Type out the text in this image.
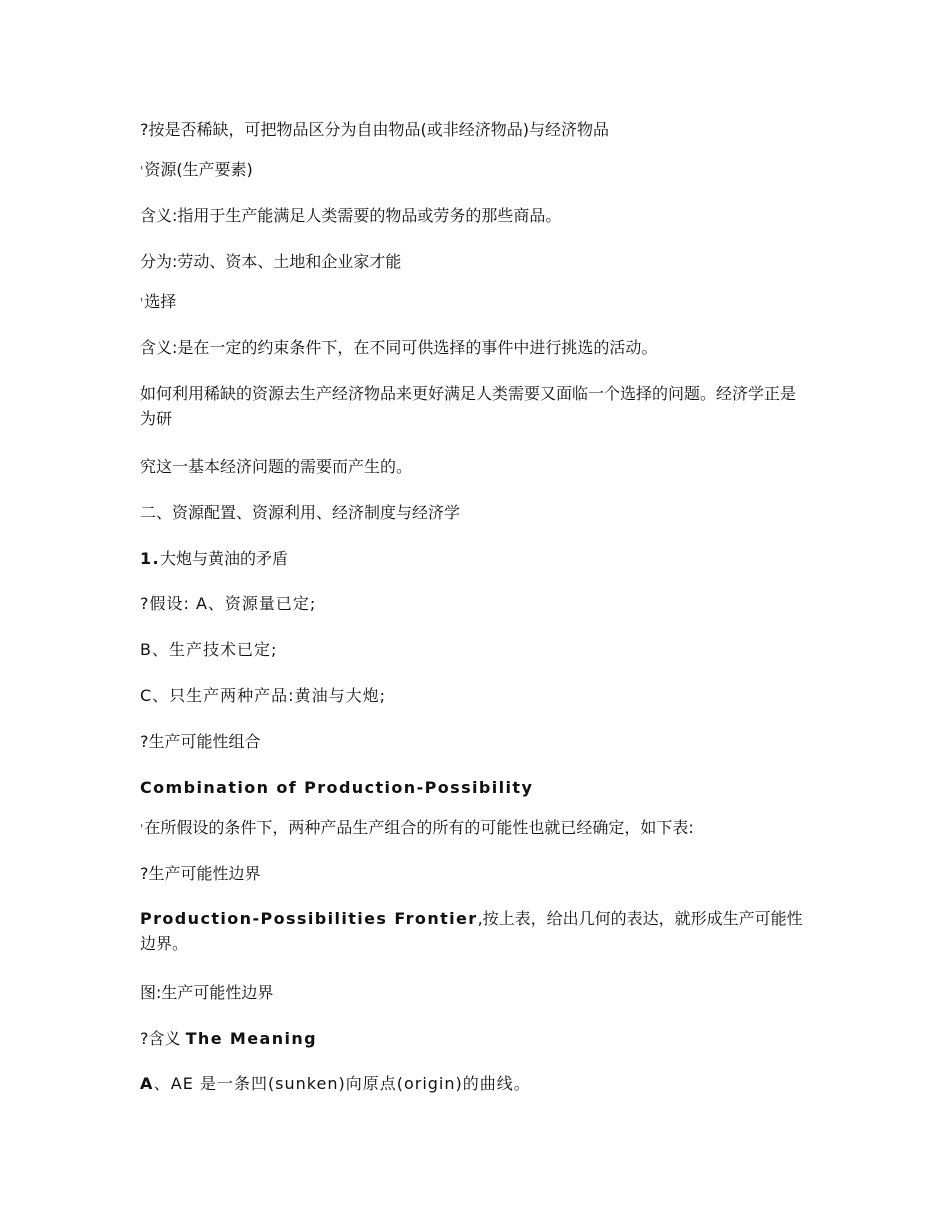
?按是否稀缺，可把物品区分为自由物品(或非经济物品)与经济物品
'资源(生产要素)
含义:指用于生产能满足人类需要的物品或劳务的那些商品。
分为:劳动、资本、土地和企业家才能
'选择
含义:是在一定的约束条件下，在不同可供选择的事件中进行挑选的活动。
如何利用稀缺的资源去生产经济物品来更好满足人类需要又面临一个选择的问题。经济学正是为研
究这一基本经济问题的需要而产生的。
二、资源配置、资源利用、经济制度与经济学
1.大炮与黄油的矛盾
?假设: A、资源量已定;
B、生产技术已定;
C、只生产两种产品:黄油与大炮;
?生产可能性组合
Combination of Production-Possibility
'在所假设的条件下，两种产品生产组合的所有的可能性也就已经确定，如下表:
?生产可能性边界
Production-Possibilities Frontier,按上表，给出几何的表达，就形成生产可能性边界。
图:生产可能性边界
?含义 The Meaning
A、AE 是一条凹(sunken)向原点(origin)的曲线。
